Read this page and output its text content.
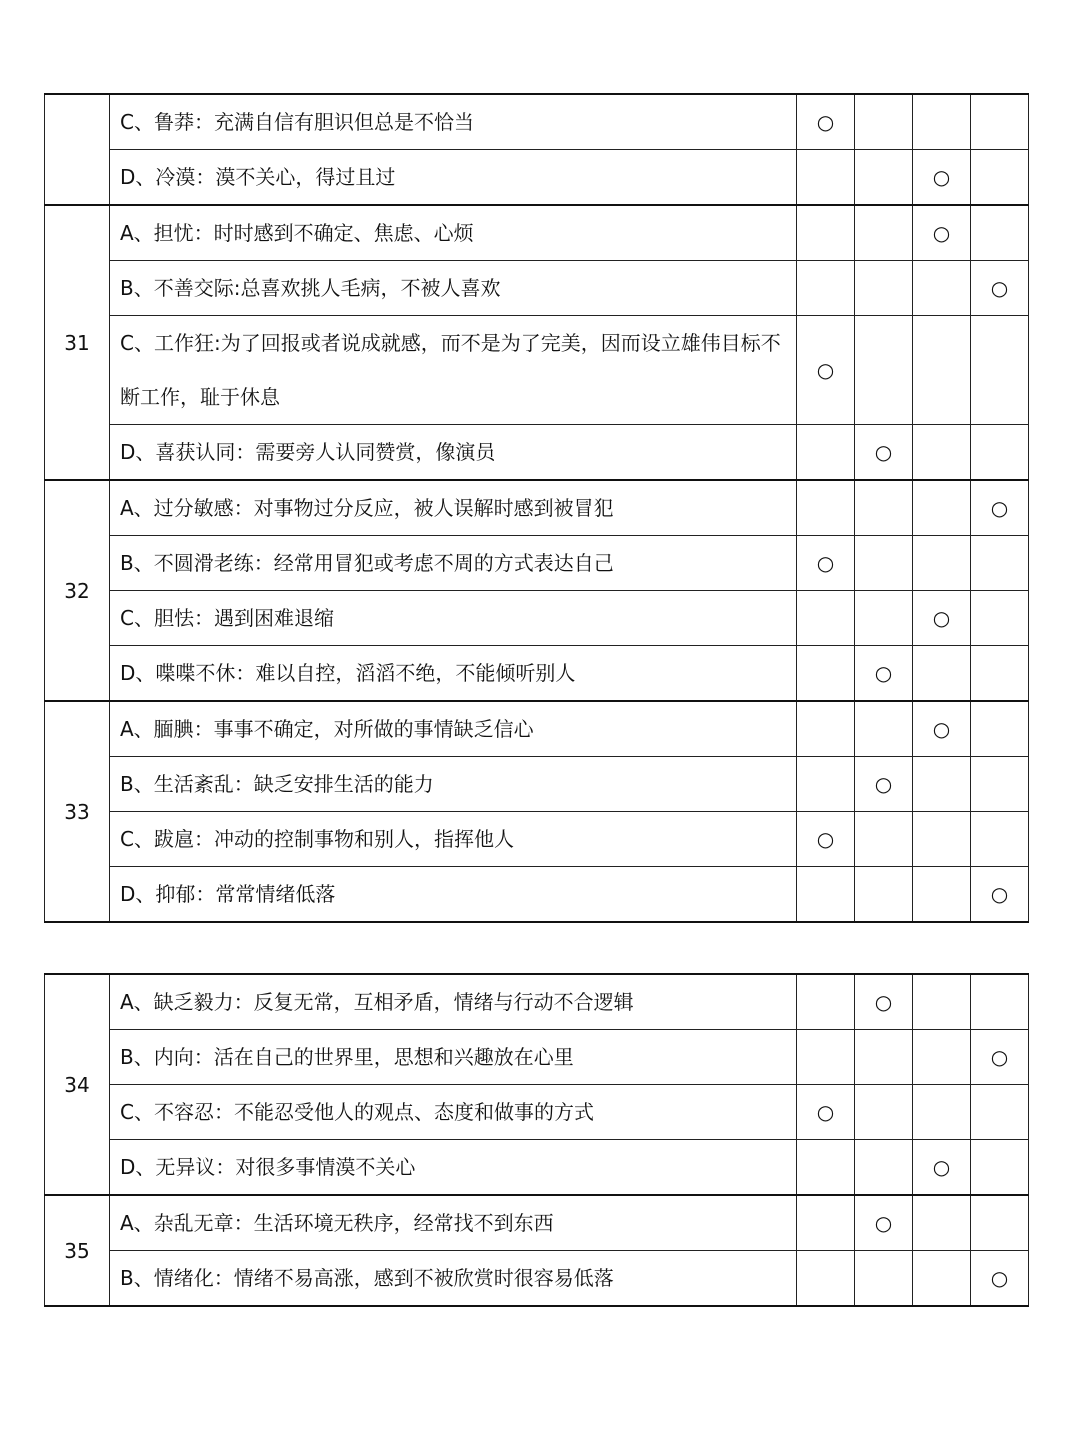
	C、鲁莽：充满自信有胆识但总是不恰当	○			
	D、冷漠：漠不关心，得过且过			○	
31	A、担忧：时时感到不确定、焦虑、心烦			○	
	B、不善交际:总喜欢挑人毛病，不被人喜欢				○
	C、工作狂:为了回报或者说成就感，而不是为了完美，因而设立雄伟目标不断工作，耻于休息	○			
	D、喜获认同：需要旁人认同赞赏，像演员		○		
32	A、过分敏感：对事物过分反应，被人误解时感到被冒犯				○
	B、不圆滑老练：经常用冒犯或考虑不周的方式表达自己	○			
	C、胆怯：遇到困难退缩			○	
	D、喋喋不休：难以自控，滔滔不绝，不能倾听别人		○		
33	A、腼腆：事事不确定，对所做的事情缺乏信心			○	
	B、生活紊乱：缺乏安排生活的能力		○		
	C、跋扈：冲动的控制事物和别人，指挥他人	○			
	D、抑郁：常常情绪低落				○
34	A、缺乏毅力：反复无常，互相矛盾，情绪与行动不合逻辑		○		
	B、内向：活在自己的世界里，思想和兴趣放在心里				○
	C、不容忍：不能忍受他人的观点、态度和做事的方式	○			
	D、无异议：对很多事情漠不关心			○	
35	A、杂乱无章：生活环境无秩序，经常找不到东西		○		
	B、情绪化：情绪不易高涨，感到不被欣赏时很容易低落				○
